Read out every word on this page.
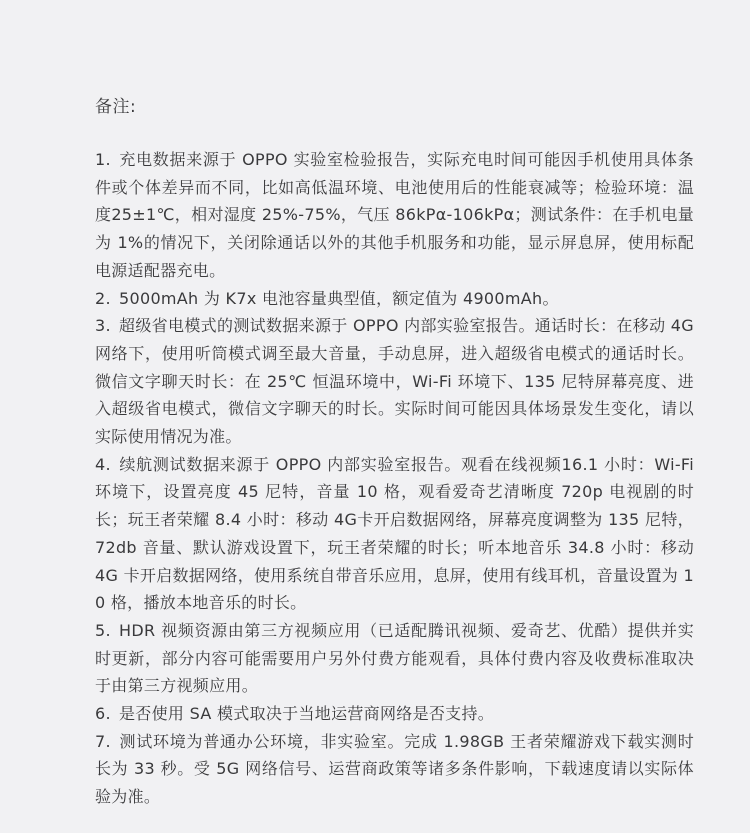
备注:
1. 充电数据来源于 OPPO 实验室检验报告，实际充电时间可能因手机使用具体条件或个体差异而不同，比如高低温环境、电池使用后的性能衰减等；检验环境：温度25±1℃，相对湿度 25%-75%，气压 86kPα-106kPα；测试条件：在手机电量为 1%的情况下，关闭除通话以外的其他手机服务和功能，显示屏息屏，使用标配电源适配器充电。
2. 5000mAh 为 K7x 电池容量典型值，额定值为 4900mAh。
3. 超级省电模式的测试数据来源于 OPPO 内部实验室报告。通话时长：在移动 4G网络下，使用听筒模式调至最大音量，手动息屏，进入超级省电模式的通话时长。微信文字聊天时长：在 25℃ 恒温环境中，Wi-Fi 环境下、135 尼特屏幕亮度、进入超级省电模式，微信文字聊天的时长。实际时间可能因具体场景发生变化，请以实际使用情况为准。
4. 续航测试数据来源于 OPPO 内部实验室报告。观看在线视频16.1 小时：Wi-Fi 环境下，设置亮度 45 尼特，音量 10 格，观看爱奇艺清晰度 720p 电视剧的时长；玩王者荣耀 8.4 小时：移动 4G卡开启数据网络，屏幕亮度调整为 135 尼特，72db 音量、默认游戏设置下，玩王者荣耀的时长；听本地音乐 34.8 小时：移动 4G 卡开启数据网络，使用系统自带音乐应用，息屏，使用有线耳机，音量设置为 10 格，播放本地音乐的时长。
5. HDR 视频资源由第三方视频应用（已适配腾讯视频、爱奇艺、优酷）提供并实时更新，部分内容可能需要用户另外付费方能观看，具体付费内容及收费标准取决于由第三方视频应用。
6. 是否使用 SA 模式取决于当地运营商网络是否支持。
7. 测试环境为普通办公环境，非实验室。完成 1.98GB 王者荣耀游戏下载实测时长为 33 秒。受 5G 网络信号、运营商政策等诸多条件影响，下载速度请以实际体验为准。
